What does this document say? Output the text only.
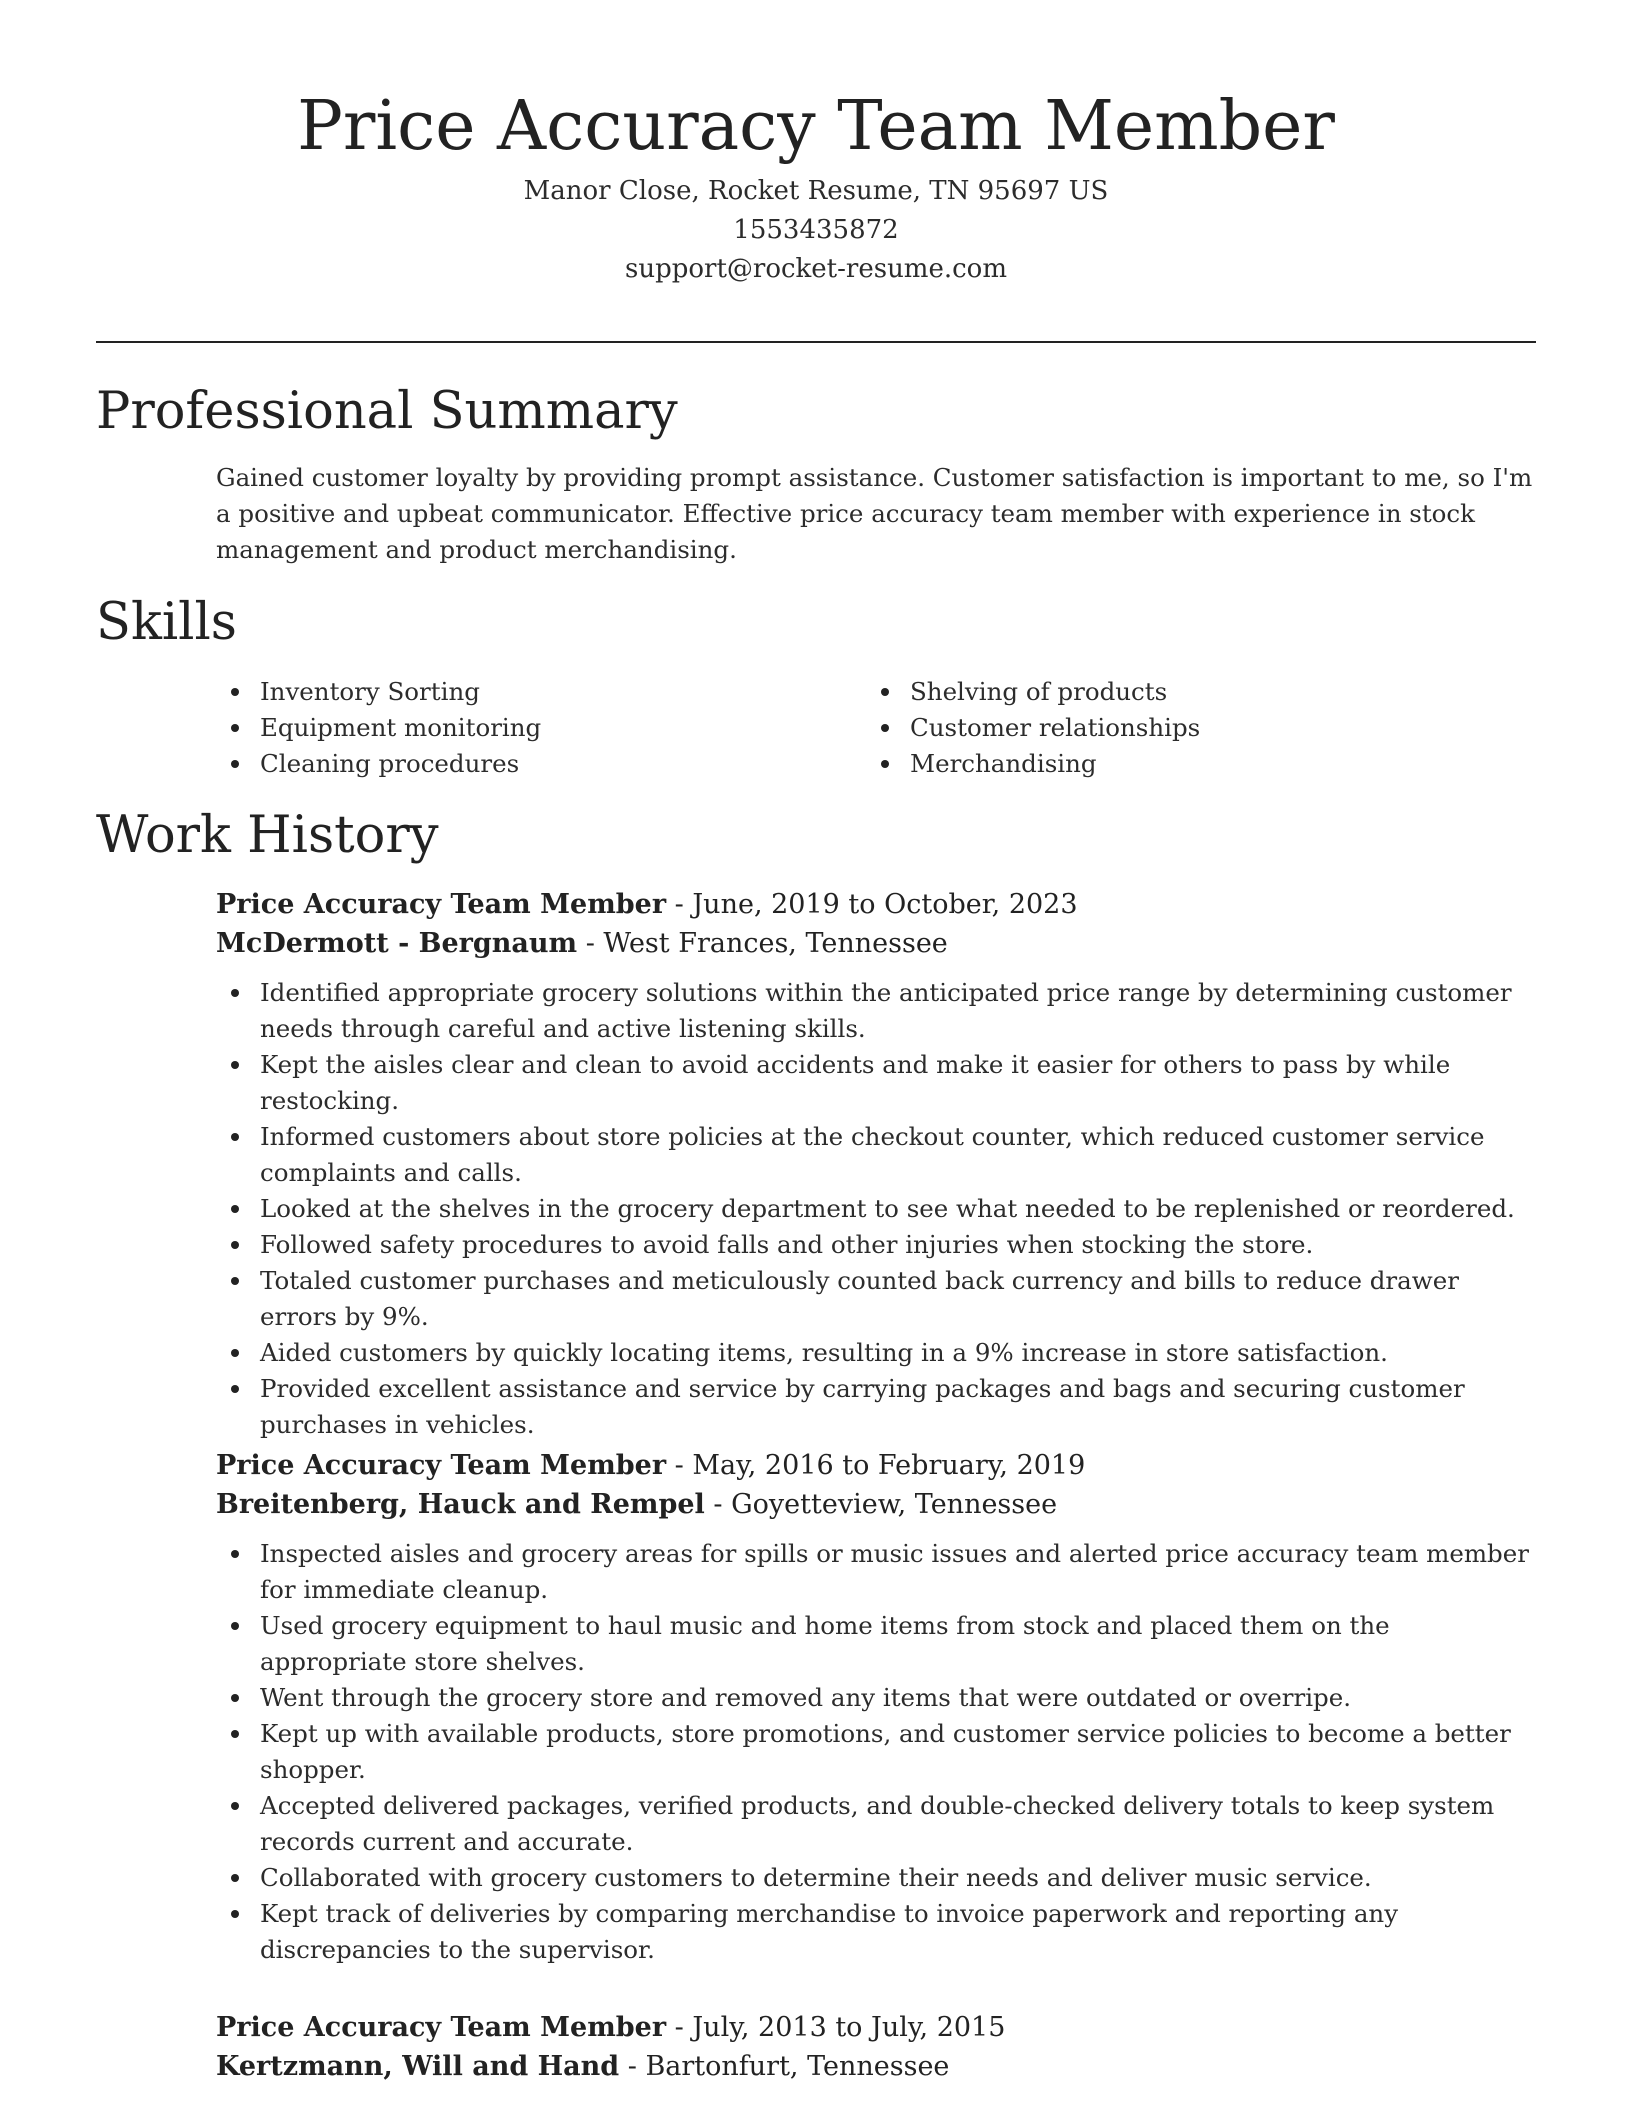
Price Accuracy Team Member
Manor Close, Rocket Resume, TN 95697 US
1553435872
support@rocket-resume.com
Professional Summary
Gained customer loyalty by providing prompt assistance. Customer satisfaction is important to me, so I'm a positive and upbeat communicator. Effective price accuracy team member with experience in stock management and product merchandising.
Skills
Inventory Sorting
Equipment monitoring
Cleaning procedures
Shelving of products
Customer relationships
Merchandising
Work History
Price Accuracy Team Member - June, 2019 to October, 2023
McDermott - Bergnaum - West Frances, Tennessee
Identified appropriate grocery solutions within the anticipated price range by determining customer needs through careful and active listening skills.
Kept the aisles clear and clean to avoid accidents and make it easier for others to pass by while restocking.
Informed customers about store policies at the checkout counter, which reduced customer service complaints and calls.
Looked at the shelves in the grocery department to see what needed to be replenished or reordered.
Followed safety procedures to avoid falls and other injuries when stocking the store.
Totaled customer purchases and meticulously counted back currency and bills to reduce drawer errors by 9%.
Aided customers by quickly locating items, resulting in a 9% increase in store satisfaction.
Provided excellent assistance and service by carrying packages and bags and securing customer purchases in vehicles.
Price Accuracy Team Member - May, 2016 to February, 2019
Breitenberg, Hauck and Rempel - Goyetteview, Tennessee
Inspected aisles and grocery areas for spills or music issues and alerted price accuracy team member for immediate cleanup.
Used grocery equipment to haul music and home items from stock and placed them on the appropriate store shelves.
Went through the grocery store and removed any items that were outdated or overripe.
Kept up with available products, store promotions, and customer service policies to become a better shopper.
Accepted delivered packages, verified products, and double-checked delivery totals to keep system records current and accurate.
Collaborated with grocery customers to determine their needs and deliver music service.
Kept track of deliveries by comparing merchandise to invoice paperwork and reporting any discrepancies to the supervisor.
Price Accuracy Team Member - July, 2013 to July, 2015
Kertzmann, Will and Hand - Bartonfurt, Tennessee
